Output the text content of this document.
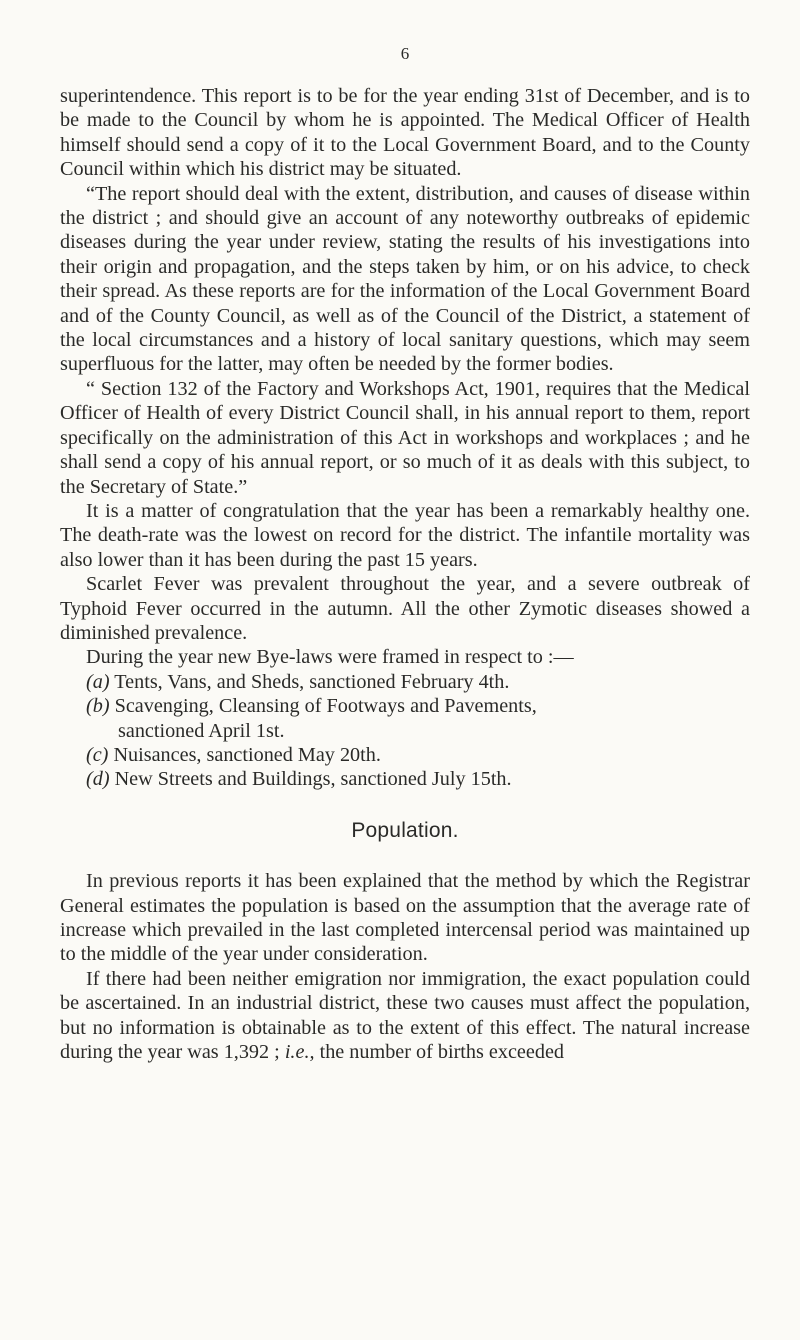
6

superintendence. This report is to be for the year ending 31st of December, and is to be made to the Council by whom he is appointed. The Medical Officer of Health himself should send a copy of it to the Local Government Board, and to the County Council within which his district may be situated.

“The report should deal with the extent, distribution, and causes of disease within the district ; and should give an account of any noteworthy outbreaks of epidemic diseases during the year under review, stating the results of his investigations into their origin and propagation, and the steps taken by him, or on his advice, to check their spread. As these reports are for the information of the Local Government Board and of the County Council, as well as of the Council of the District, a statement of the local circumstances and a history of local sanitary questions, which may seem superfluous for the latter, may often be needed by the former bodies.

“ Section 132 of the Factory and Workshops Act, 1901, requires that the Medical Officer of Health of every District Council shall, in his annual report to them, report specifically on the administration of this Act in workshops and workplaces ; and he shall send a copy of his annual report, or so much of it as deals with this subject, to the Secretary of State.”

It is a matter of congratulation that the year has been a remarkably healthy one. The death-rate was the lowest on record for the district. The infantile mortality was also lower than it has been during the past 15 years.

Scarlet Fever was prevalent throughout the year, and a severe outbreak of Typhoid Fever occurred in the autumn. All the other Zymotic diseases showed a diminished prevalence.

During the year new Bye-laws were framed in respect to :—

(a) Tents, Vans, and Sheds, sanctioned February 4th.
(b) Scavenging, Cleansing of Footways and Pavements,
sanctioned April 1st.
(c) Nuisances, sanctioned May 20th.
(d) New Streets and Buildings, sanctioned July 15th.
Population.

In previous reports it has been explained that the method by which the Registrar General estimates the population is based on the assumption that the average rate of increase which prevailed in the last completed intercensal period was maintained up to the middle of the year under consideration.

If there had been neither emigration nor immigration, the exact population could be ascertained. In an industrial district, these two causes must affect the population, but no information is obtainable as to the extent of this effect. The natural increase during the year was 1,392 ; i.e., the number of births exceeded
